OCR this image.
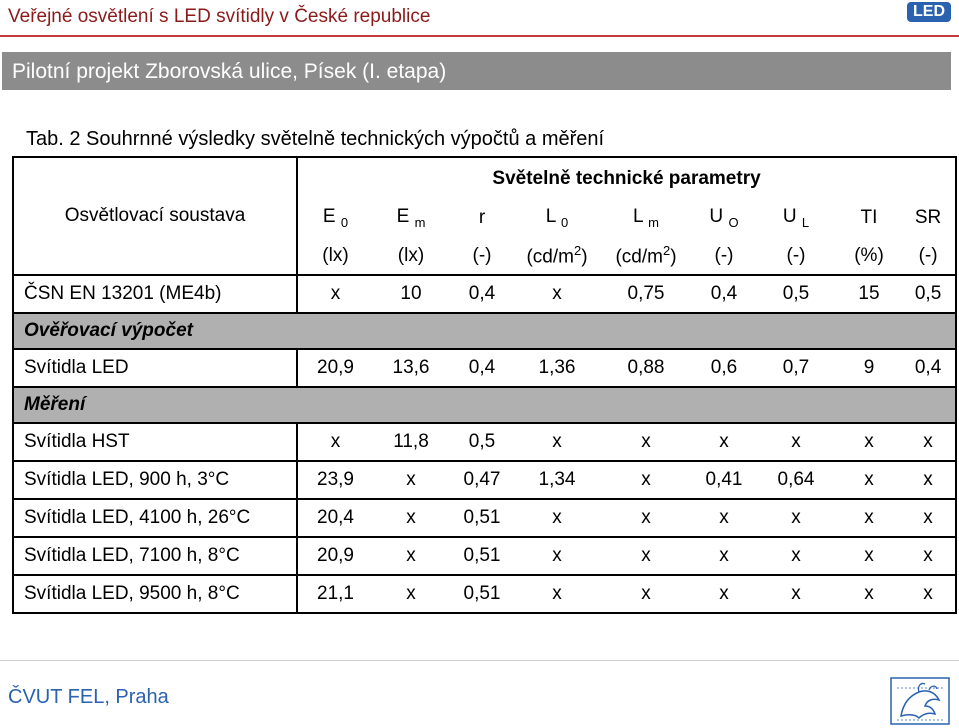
Veřejné osvětlení s LED svítidly v České republice	LED
Pilotní projekt Zborovská ulice, Písek (I. etapa)
Tab. 2 Souhrnné výsledky světelně technických výpočtů a měření
Osvětlovací soustava	Světelně technické parametry								
	E $_0$	E $_m$	r	L $_0$	L $_m$	U $_O$	U $_L$	TI	SR
	(lx)	(lx)	(-)	$(cd/m^2)$	$(cd/m^2)$	(-)	(-)	(%)	(-)
ČSN EN 13201 (ME4b)	x	10	0,4	x	0,75	0,4	0,5	15	0,5
Ověřovací výpočet									
Svítidla LED	20,9	13,6	0,4	1,36	0,88	0,6	0,7	9	0,4
Měření									
Svítidla HST	x	11,8	0,5	x	x	x	x	x	x
Svítidla LED, 900 h, 3°C	23,9	x	0,47	1,34	x	0,41	0,64	x	x
Svítidla LED, 4100 h, 26°C	20,4	x	0,51	x	x	x	x	x	x
Svítidla LED, 7100 h, 8°C	20,9	x	0,51	x	x	x	x	x	x
Svítidla LED, 9500 h, 8°C	21,1	x	0,51	x	x	x	x	x	x
ČVUT FEL, Praha
